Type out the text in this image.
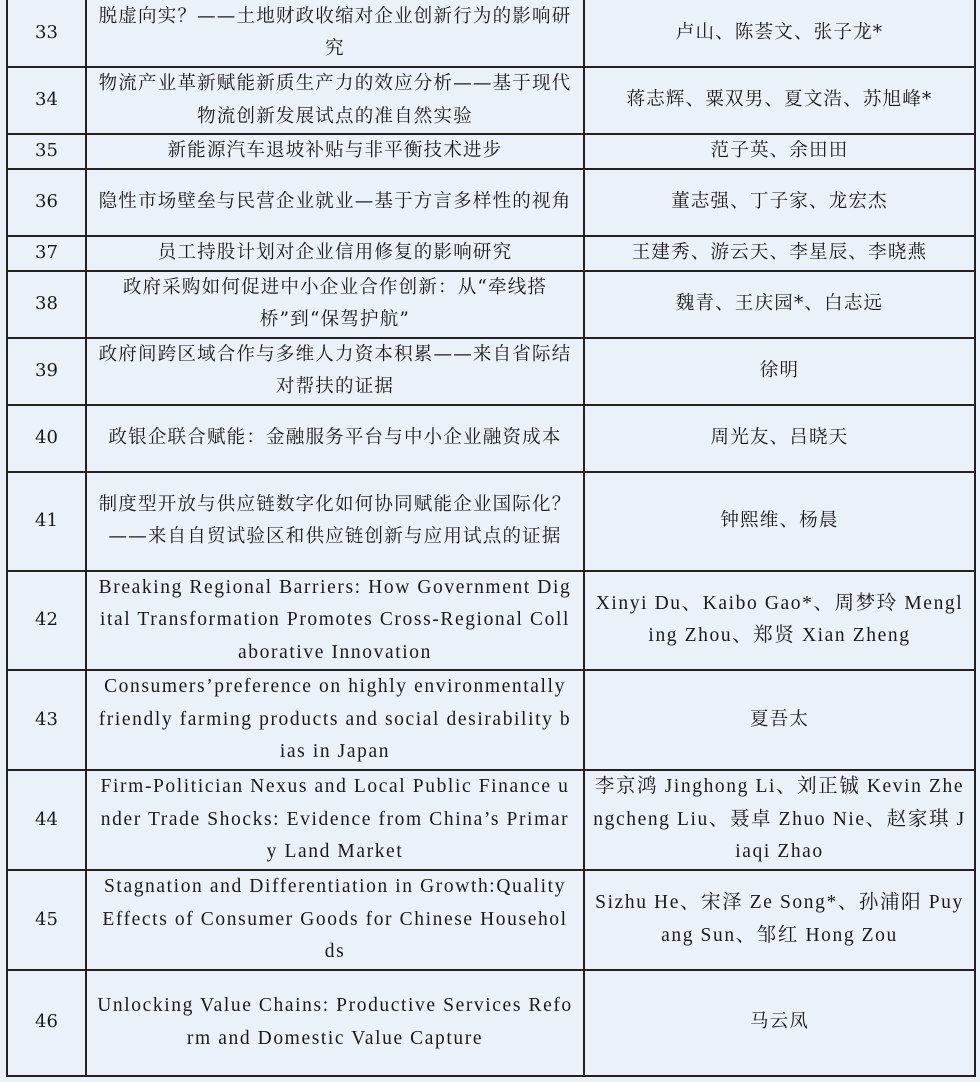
33	脱虚向实？——土地财政收缩对企业创新行为的影响研究	卢山、陈荟文、张子龙*
34	物流产业革新赋能新质生产力的效应分析——基于现代物流创新发展试点的准自然实验	蒋志辉、粟双男、夏文浩、苏旭峰*
35	新能源汽车退坡补贴与非平衡技术进步	范子英、余田田
36	隐性市场壁垒与民营企业就业—基于方言多样性的视角	董志强、丁子家、龙宏杰
37	员工持股计划对企业信用修复的影响研究	王建秀、游云天、李星辰、李晓燕
38	政府采购如何促进中小企业合作创新：从“牵线搭桥”到“保驾护航”	魏青、王庆园*、白志远
39	政府间跨区域合作与多维人力资本积累——来自省际结对帮扶的证据	徐明
40	政银企联合赋能：金融服务平台与中小企业融资成本	周光友、吕晓天
41	制度型开放与供应链数字化如何协同赋能企业国际化？——来自自贸试验区和供应链创新与应用试点的证据	钟熙维、杨晨
42	Breaking Regional Barriers: How Government Digital Transformation Promotes Cross-Regional Collaborative Innovation	Xinyi Du、Kaibo Gao*、周梦玲 Mengling Zhou、郑贤 Xian Zheng
43	Consumers’preference on highly environmentally friendly farming products and social desirability bias in Japan	夏吾太
44	Firm-Politician Nexus and Local Public Finance under Trade Shocks: Evidence from China’s Primary Land Market	李京鸿 Jinghong Li、刘正铖 Kevin Zhengcheng Liu、聂卓 Zhuo Nie、赵家琪 Jiaqi Zhao
45	Stagnation and Differentiation in Growth:Quality Effects of Consumer Goods for Chinese Households	Sizhu He、宋泽 Ze Song*、孙浦阳 Puyang Sun、邹红 Hong Zou
46	Unlocking Value Chains: Productive Services Reform and Domestic Value Capture	马云凤
